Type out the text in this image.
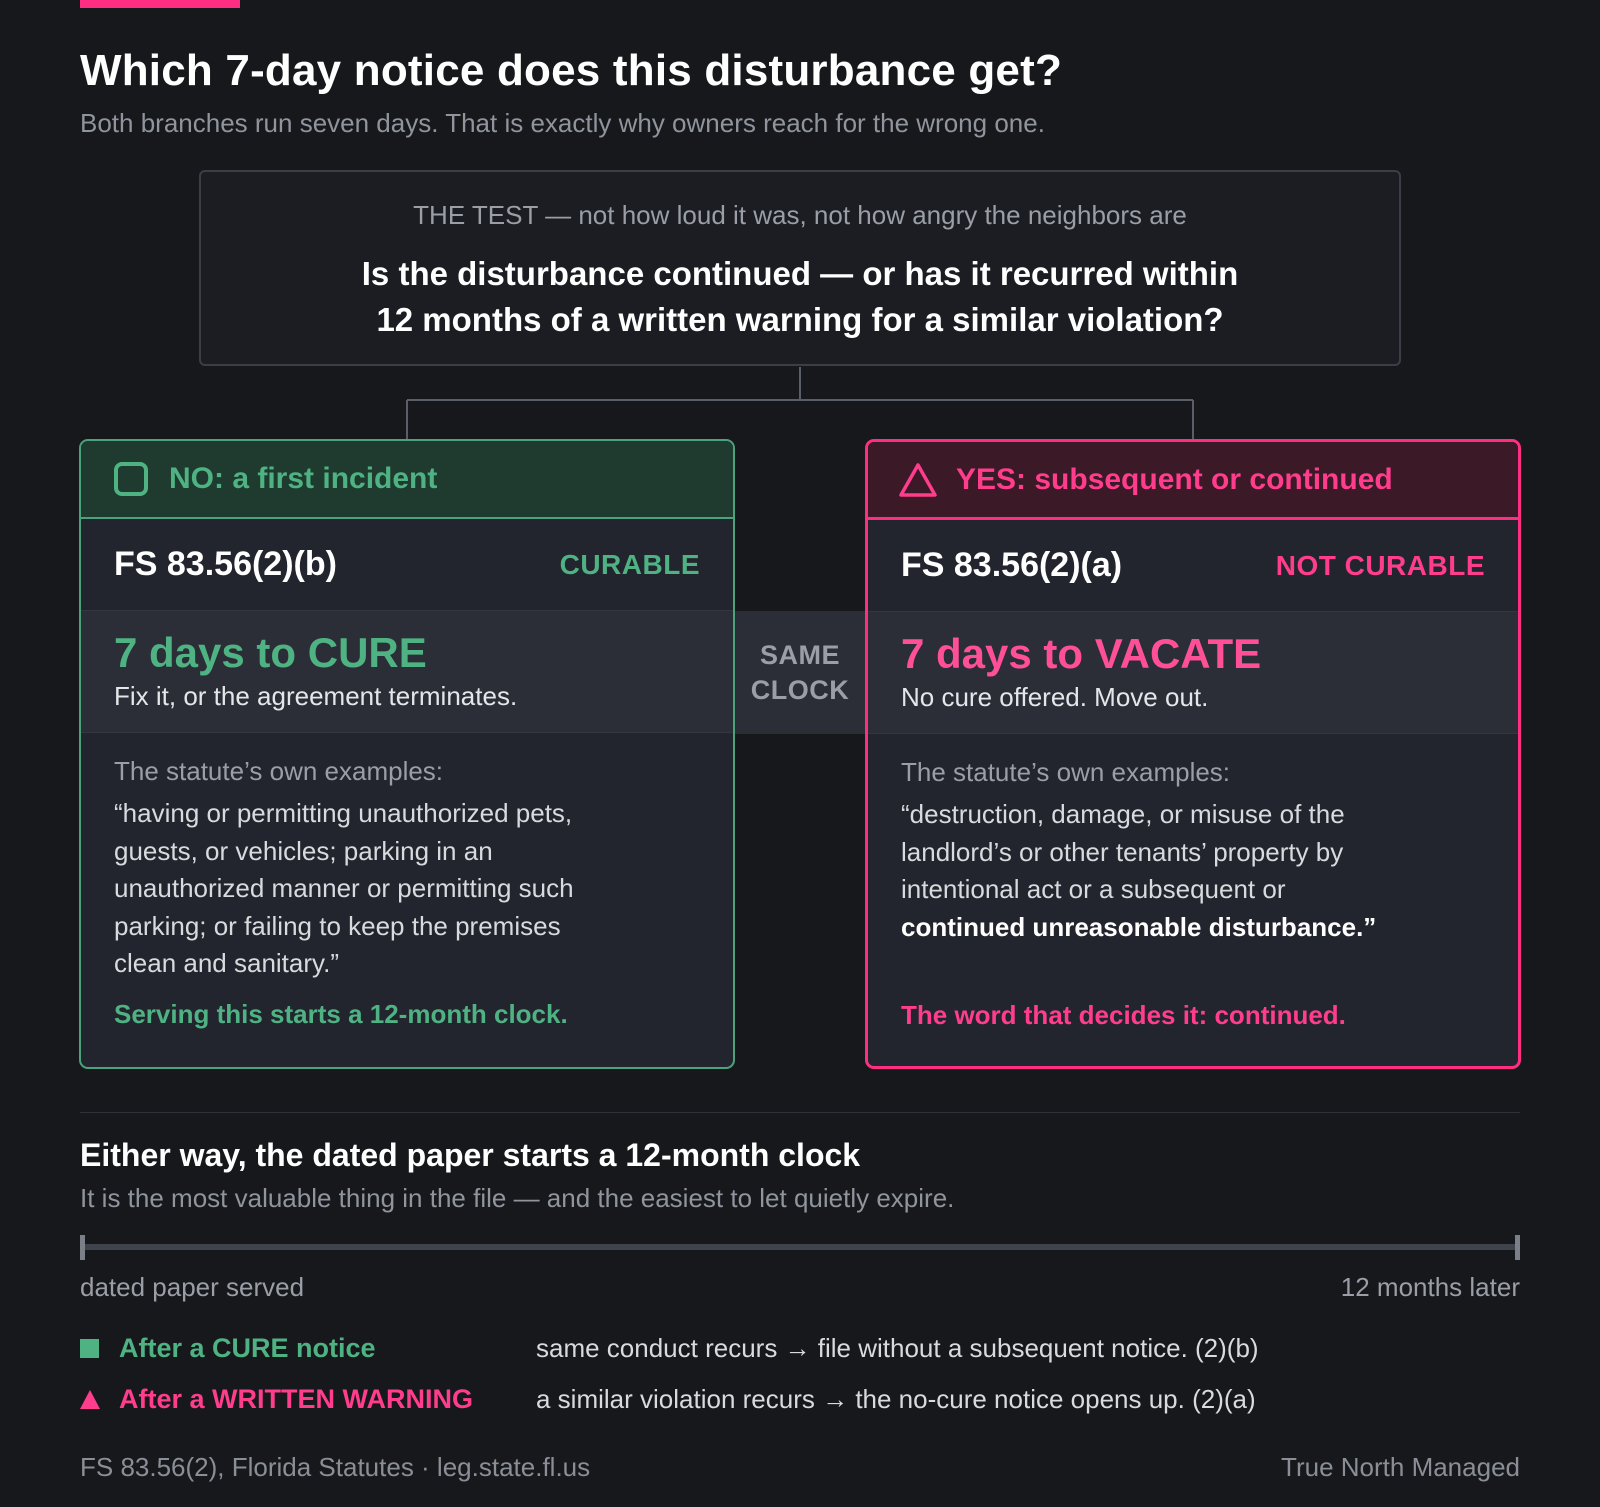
Which 7-day notice does this disturbance get?
Both branches run seven days. That is exactly why owners reach for the wrong one.
THE TEST — not how loud it was, not how angry the neighbors are
Is the disturbance continued — or has it recurred within
12 months of a written warning for a similar violation?
NO: a first incident
FS 83.56(2)(b)	CURABLE
7 days to CURE
Fix it, or the agreement terminates.
The statute’s own examples:
“having or permitting unauthorized pets,
guests, or vehicles; parking in an
unauthorized manner or permitting such
parking; or failing to keep the premises
clean and sanitary.”
Serving this starts a 12-month clock.
SAME
CLOCK
YES: subsequent or continued
FS 83.56(2)(a)	NOT CURABLE
7 days to VACATE
No cure offered. Move out.
The statute’s own examples:
“destruction, damage, or misuse of the
landlord’s or other tenants’ property by
intentional act or a subsequent or
continued unreasonable disturbance.”
The word that decides it: continued.
Either way, the dated paper starts a 12-month clock
It is the most valuable thing in the file — and the easiest to let quietly expire.
dated paper served	12 months later
After a CURE notice	same conduct recurs → file without a subsequent notice. (2)(b)
After a WRITTEN WARNING	a similar violation recurs → the no-cure notice opens up. (2)(a)
FS 83.56(2), Florida Statutes · leg.state.fl.us	True North Managed
